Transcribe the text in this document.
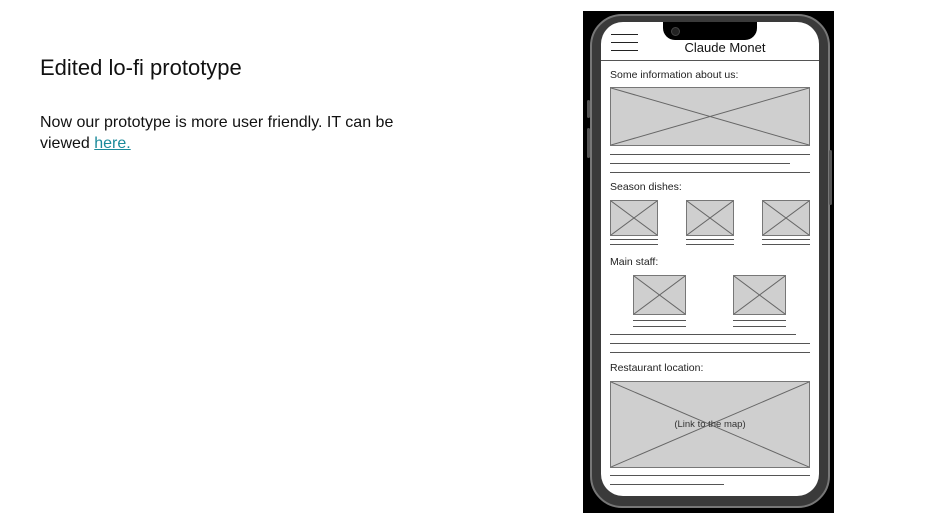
Edited lo-fi prototype
Now our prototype is more user friendly. IT can be viewed here.
Claude Monet
Some information about us:
Season dishes:
Main staff:
Restaurant location:
(Link to the map)
